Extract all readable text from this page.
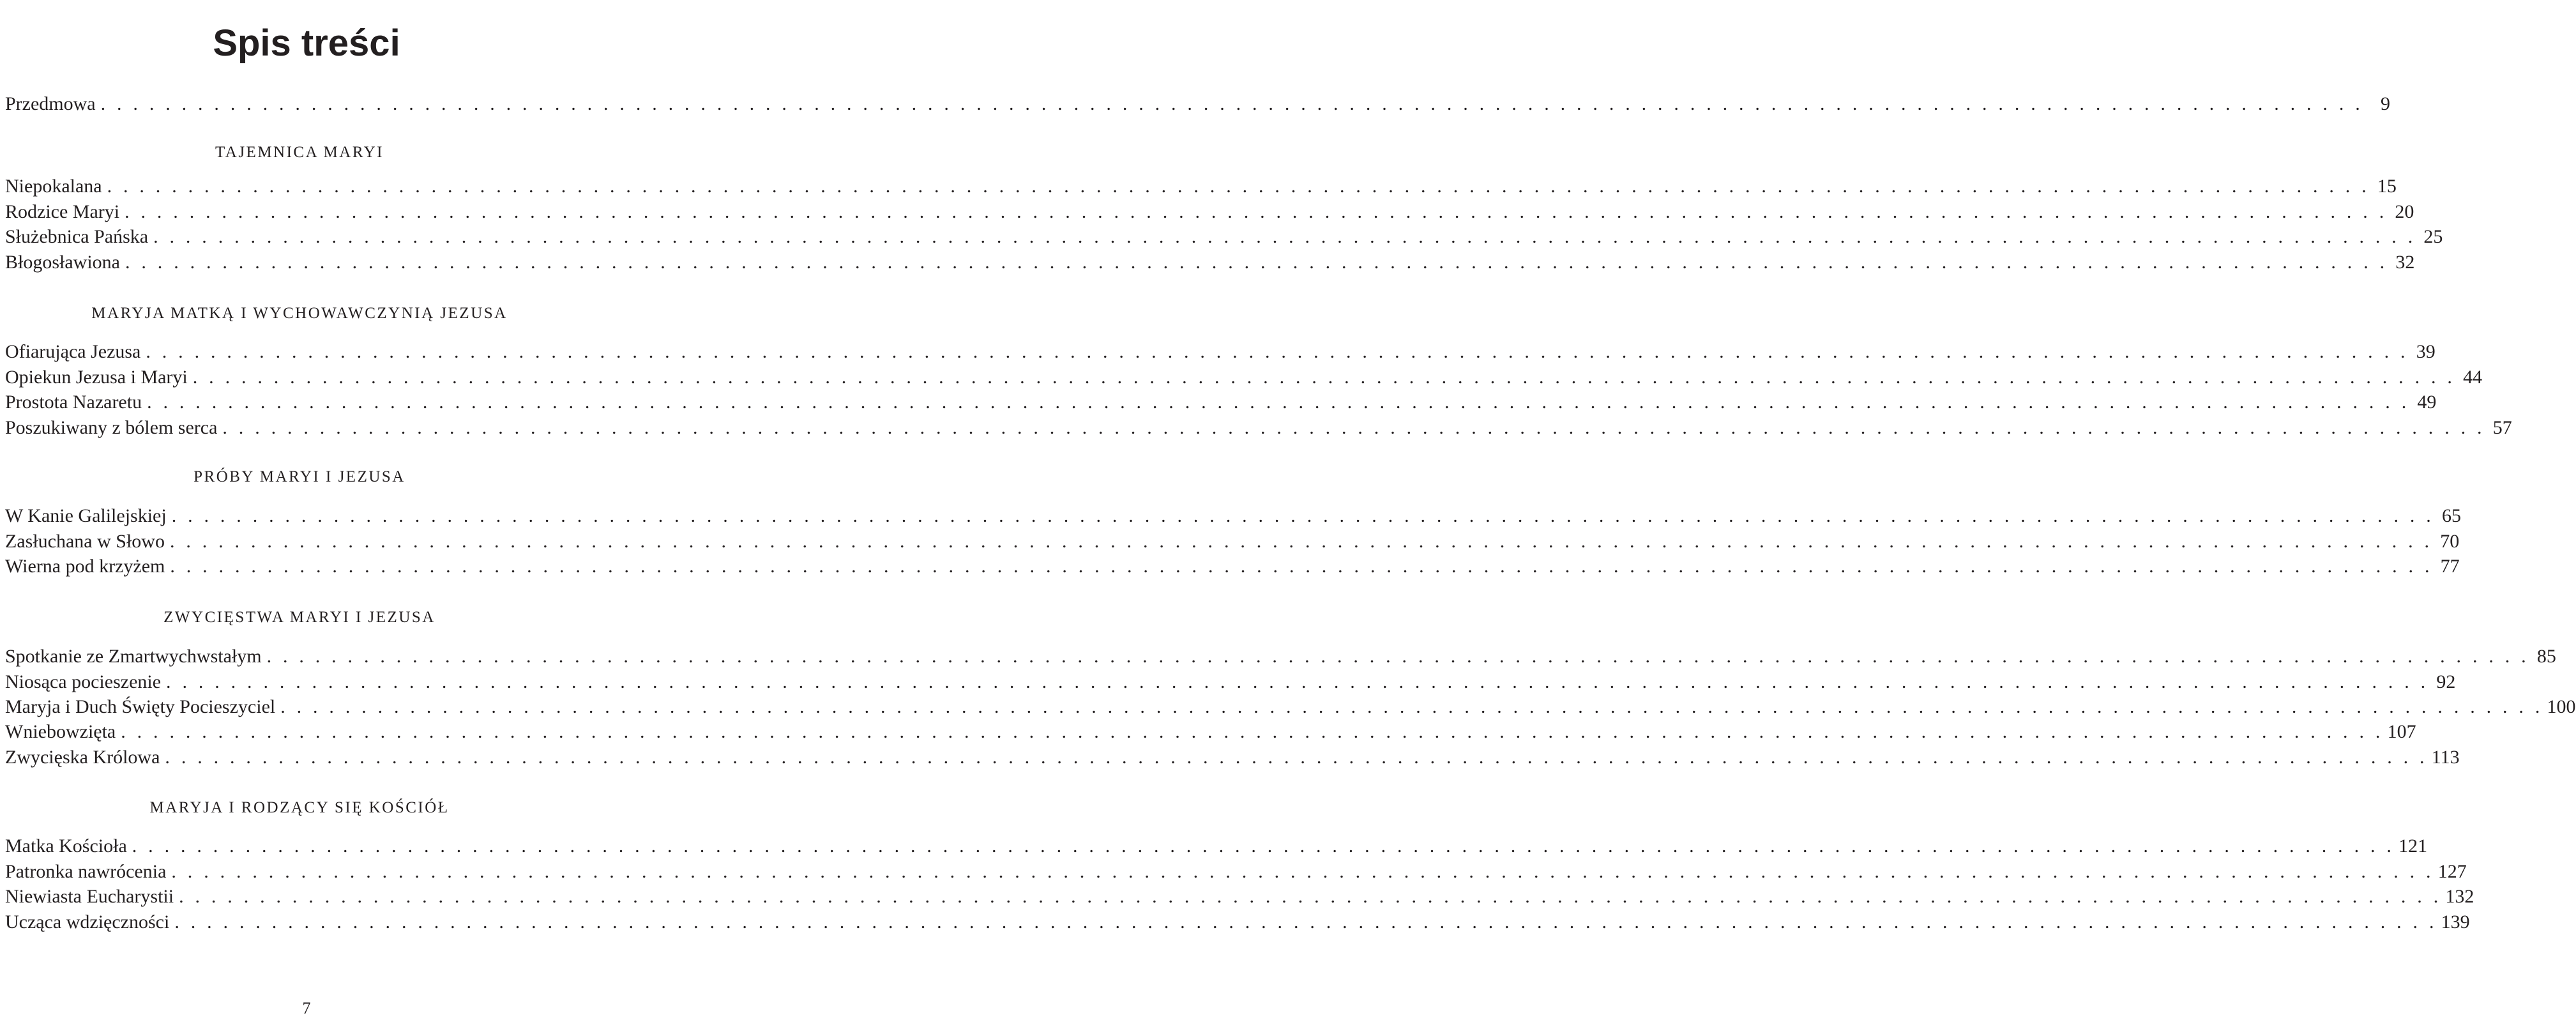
Spis treści
Przedmowa . . . . . . . . . . . . . . . . . . . . . . . . . . . . . . . . . . . . . . . . . . . . . . . . . . . . . . . . . . . . . . . . . . . . . . . . . . . . . . . . . . . . . . . . . . . . . . . . . . . . . . . . . . . . . . . . . . . . . . . . . . . . . . . . . . . . . . . . . . . . 9
TAJEMNICA MARYI
Niepokalana . . . . . . . . . . . . . . . . . . . . . . . . . . . . . . . . . . . . . . . . . . . . . . . . . . . . . . . . . . . . . . . . . . . . . . . . . . . . . . . . . . . . . . . . . . . . . . . . . . . . . . . . . . . . . . . . . . . . . . . . . . . . . . . . . . . . . . . . . . . . 15
Rodzice Maryi . . . . . . . . . . . . . . . . . . . . . . . . . . . . . . . . . . . . . . . . . . . . . . . . . . . . . . . . . . . . . . . . . . . . . . . . . . . . . . . . . . . . . . . . . . . . . . . . . . . . . . . . . . . . . . . . . . . . . . . . . . . . . . . . . . . . . . . . . . . . 20
Służebnica Pańska . . . . . . . . . . . . . . . . . . . . . . . . . . . . . . . . . . . . . . . . . . . . . . . . . . . . . . . . . . . . . . . . . . . . . . . . . . . . . . . . . . . . . . . . . . . . . . . . . . . . . . . . . . . . . . . . . . . . . . . . . . . . . . . . . . . . . . . . . . . . 25
Błogosławiona . . . . . . . . . . . . . . . . . . . . . . . . . . . . . . . . . . . . . . . . . . . . . . . . . . . . . . . . . . . . . . . . . . . . . . . . . . . . . . . . . . . . . . . . . . . . . . . . . . . . . . . . . . . . . . . . . . . . . . . . . . . . . . . . . . . . . . . . . . . . 32
MARYJA MATKĄ I WYCHOWAWCZYNIĄ JEZUSA
Ofiarująca Jezusa . . . . . . . . . . . . . . . . . . . . . . . . . . . . . . . . . . . . . . . . . . . . . . . . . . . . . . . . . . . . . . . . . . . . . . . . . . . . . . . . . . . . . . . . . . . . . . . . . . . . . . . . . . . . . . . . . . . . . . . . . . . . . . . . . . . . . . . . . . . . 39
Opiekun Jezusa i Maryi . . . . . . . . . . . . . . . . . . . . . . . . . . . . . . . . . . . . . . . . . . . . . . . . . . . . . . . . . . . . . . . . . . . . . . . . . . . . . . . . . . . . . . . . . . . . . . . . . . . . . . . . . . . . . . . . . . . . . . . . . . . . . . . . . . . . . . . . . . . . 44
Prostota Nazaretu . . . . . . . . . . . . . . . . . . . . . . . . . . . . . . . . . . . . . . . . . . . . . . . . . . . . . . . . . . . . . . . . . . . . . . . . . . . . . . . . . . . . . . . . . . . . . . . . . . . . . . . . . . . . . . . . . . . . . . . . . . . . . . . . . . . . . . . . . . . . 49
Poszukiwany z bólem serca . . . . . . . . . . . . . . . . . . . . . . . . . . . . . . . . . . . . . . . . . . . . . . . . . . . . . . . . . . . . . . . . . . . . . . . . . . . . . . . . . . . . . . . . . . . . . . . . . . . . . . . . . . . . . . . . . . . . . . . . . . . . . . . . . . . . . . . . . . . . 57
PRÓBY MARYI I JEZUSA
W Kanie Galilejskiej . . . . . . . . . . . . . . . . . . . . . . . . . . . . . . . . . . . . . . . . . . . . . . . . . . . . . . . . . . . . . . . . . . . . . . . . . . . . . . . . . . . . . . . . . . . . . . . . . . . . . . . . . . . . . . . . . . . . . . . . . . . . . . . . . . . . . . . . . . . . 65
Zasłuchana w Słowo . . . . . . . . . . . . . . . . . . . . . . . . . . . . . . . . . . . . . . . . . . . . . . . . . . . . . . . . . . . . . . . . . . . . . . . . . . . . . . . . . . . . . . . . . . . . . . . . . . . . . . . . . . . . . . . . . . . . . . . . . . . . . . . . . . . . . . . . . . . . 70
Wierna pod krzyżem . . . . . . . . . . . . . . . . . . . . . . . . . . . . . . . . . . . . . . . . . . . . . . . . . . . . . . . . . . . . . . . . . . . . . . . . . . . . . . . . . . . . . . . . . . . . . . . . . . . . . . . . . . . . . . . . . . . . . . . . . . . . . . . . . . . . . . . . . . . . 77
ZWYCIĘSTWA MARYI I JEZUSA
Spotkanie ze Zmartwychwstałym . . . . . . . . . . . . . . . . . . . . . . . . . . . . . . . . . . . . . . . . . . . . . . . . . . . . . . . . . . . . . . . . . . . . . . . . . . . . . . . . . . . . . . . . . . . . . . . . . . . . . . . . . . . . . . . . . . . . . . . . . . . . . . . . . . . . . . . . . . . . 85
Niosąca pocieszenie . . . . . . . . . . . . . . . . . . . . . . . . . . . . . . . . . . . . . . . . . . . . . . . . . . . . . . . . . . . . . . . . . . . . . . . . . . . . . . . . . . . . . . . . . . . . . . . . . . . . . . . . . . . . . . . . . . . . . . . . . . . . . . . . . . . . . . . . . . . . 92
Maryja i Duch Święty Pocieszyciel . . . . . . . . . . . . . . . . . . . . . . . . . . . . . . . . . . . . . . . . . . . . . . . . . . . . . . . . . . . . . . . . . . . . . . . . . . . . . . . . . . . . . . . . . . . . . . . . . . . . . . . . . . . . . . . . . . . . . . . . . . . . . . . . . . . . . . . . . . . . 100
Wniebowzięta . . . . . . . . . . . . . . . . . . . . . . . . . . . . . . . . . . . . . . . . . . . . . . . . . . . . . . . . . . . . . . . . . . . . . . . . . . . . . . . . . . . . . . . . . . . . . . . . . . . . . . . . . . . . . . . . . . . . . . . . . . . . . . . . . . . . . . . . . . . . 107
Zwycięska Królowa . . . . . . . . . . . . . . . . . . . . . . . . . . . . . . . . . . . . . . . . . . . . . . . . . . . . . . . . . . . . . . . . . . . . . . . . . . . . . . . . . . . . . . . . . . . . . . . . . . . . . . . . . . . . . . . . . . . . . . . . . . . . . . . . . . . . . . . . . . . . 113
MARYJA I RODZĄCY SIĘ KOŚCIÓŁ
Matka Kościoła . . . . . . . . . . . . . . . . . . . . . . . . . . . . . . . . . . . . . . . . . . . . . . . . . . . . . . . . . . . . . . . . . . . . . . . . . . . . . . . . . . . . . . . . . . . . . . . . . . . . . . . . . . . . . . . . . . . . . . . . . . . . . . . . . . . . . . . . . . . . 121
Patronka nawrócenia . . . . . . . . . . . . . . . . . . . . . . . . . . . . . . . . . . . . . . . . . . . . . . . . . . . . . . . . . . . . . . . . . . . . . . . . . . . . . . . . . . . . . . . . . . . . . . . . . . . . . . . . . . . . . . . . . . . . . . . . . . . . . . . . . . . . . . . . . . . . 127
Niewiasta Eucharystii . . . . . . . . . . . . . . . . . . . . . . . . . . . . . . . . . . . . . . . . . . . . . . . . . . . . . . . . . . . . . . . . . . . . . . . . . . . . . . . . . . . . . . . . . . . . . . . . . . . . . . . . . . . . . . . . . . . . . . . . . . . . . . . . . . . . . . . . . . . . 132
Ucząca wdzięczności . . . . . . . . . . . . . . . . . . . . . . . . . . . . . . . . . . . . . . . . . . . . . . . . . . . . . . . . . . . . . . . . . . . . . . . . . . . . . . . . . . . . . . . . . . . . . . . . . . . . . . . . . . . . . . . . . . . . . . . . . . . . . . . . . . . . . . . . . . . . 139
7
